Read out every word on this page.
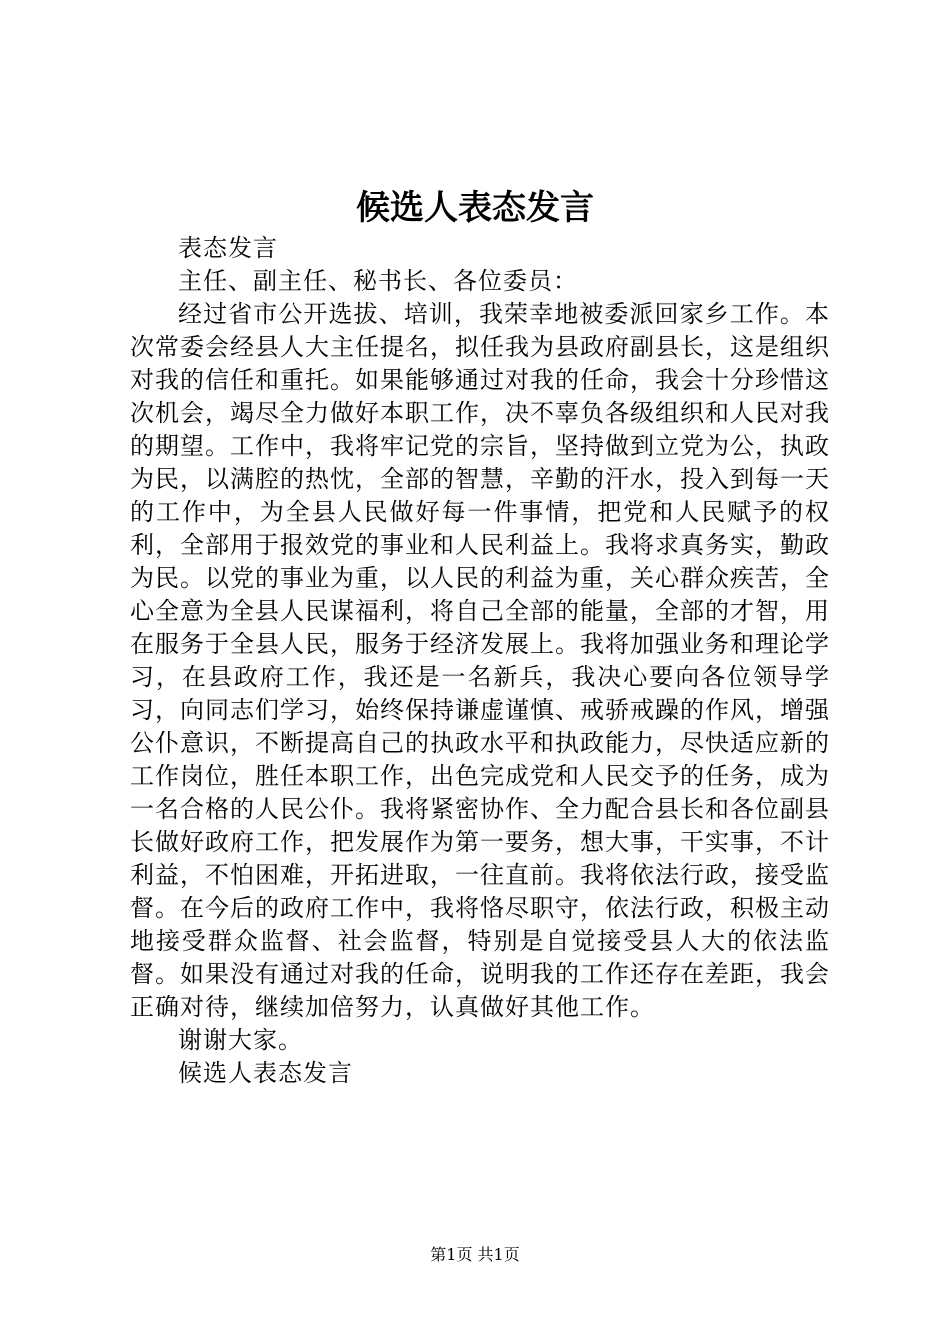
候选人表态发言

表态发言

主任、副主任、秘书长、各位委员：

经过省市公开选拔、培训，我荣幸地被委派回家乡工作。本次常委会经县人大主任提名，拟任我为县政府副县长，这是组织对我的信任和重托。如果能够通过对我的任命，我会十分珍惜这次机会，竭尽全力做好本职工作，决不辜负各级组织和人民对我的期望。工作中，我将牢记党的宗旨，坚持做到立党为公，执政为民，以满腔的热忱，全部的智慧，辛勤的汗水，投入到每一天的工作中，为全县人民做好每一件事情，把党和人民赋予的权利，全部用于报效党的事业和人民利益上。我将求真务实，勤政为民。以党的事业为重，以人民的利益为重，关心群众疾苦，全心全意为全县人民谋福利，将自己全部的能量，全部的才智，用在服务于全县人民，服务于经济发展上。我将加强业务和理论学习，在县政府工作，我还是一名新兵，我决心要向各位领导学习，向同志们学习，始终保持谦虚谨慎、戒骄戒躁的作风，增强公仆意识，不断提高自己的执政水平和执政能力，尽快适应新的工作岗位，胜任本职工作，出色完成党和人民交予的任务，成为一名合格的人民公仆。我将紧密协作、全力配合县长和各位副县长做好政府工作，把发展作为第一要务，想大事，干实事，不计利益，不怕困难，开拓进取，一往直前。我将依法行政，接受监督。在今后的政府工作中，我将恪尽职守，依法行政，积极主动地接受群众监督、社会监督，特别是自觉接受县人大的依法监督。如果没有通过对我的任命，说明我的工作还存在差距，我会正确对待，继续加倍努力，认真做好其他工作。

谢谢大家。

候选人表态发言

第1页 共1页
